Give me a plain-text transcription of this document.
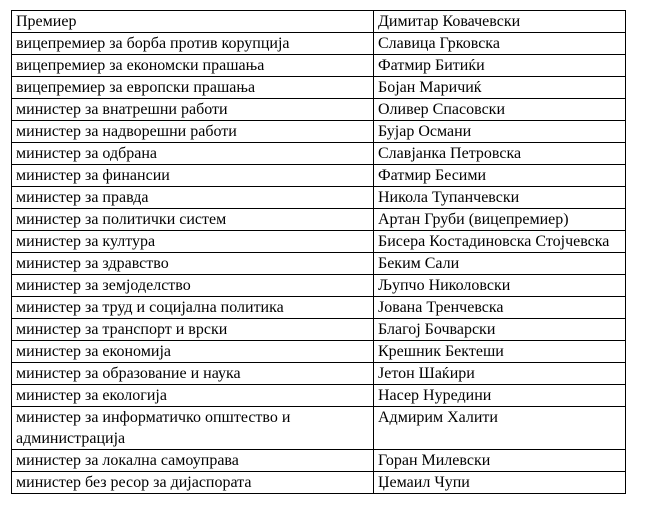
Премиер	Димитар Ковачевски
вицепремиер за борба против корупција	Славица Грковска
вицепремиер за економски прашања	Фатмир Битиќи
вицепремиер за европски прашања	Бојан Маричиќ
министер за внатрешни работи	Оливер Спасовски
министер за надворешни работи	Бујар Османи
министер за одбрана	Славјанка Петровска
министер за финансии	Фатмир Бесими
министер за правда	Никола Тупанчевски
министер за политички систем	Артан Груби (вицепремиер)
министер за култура	Бисера Костадиновска Стојчевска
министер за здравство	Беким Сали
министер за земјоделство	Љупчо Николовски
министер за труд и социјална политика	Јована Тренчевска
министер за транспорт и врски	Благој Бочварски
министер за економија	Крешник Бектеши
министер за образование и наука	Јетон Шаќири
министер за екологија	Насер Нуредини
министер за информатичко општество и администрација	Адмирим Халити
министер за локална самоуправа	Горан Милевски
министер без ресор за дијаспората	Џемаил Чупи
